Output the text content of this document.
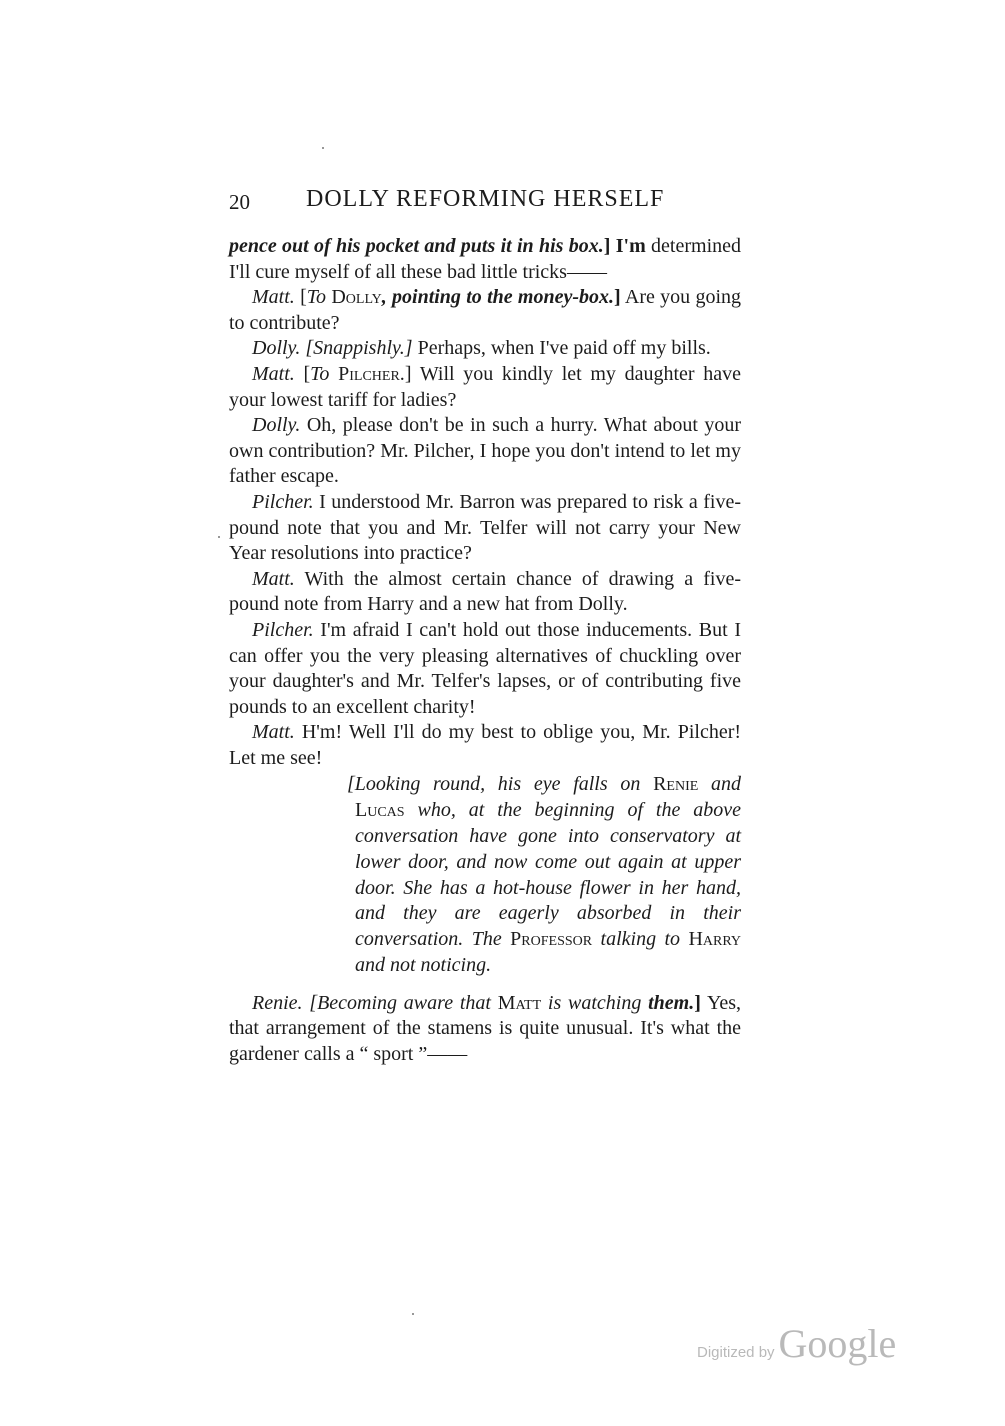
20 DOLLY REFORMING HERSELF

pence out of his pocket and puts it in his box.] I'm determined I'll cure myself of all these bad little tricks——

Matt. [To Dolly, pointing to the money-box.] Are you going to contribute?

Dolly. [Snappishly.] Perhaps, when I've paid off my bills.

Matt. [To Pilcher.] Will you kindly let my daughter have your lowest tariff for ladies?

Dolly. Oh, please don't be in such a hurry. What about your own contribution? Mr. Pilcher, I hope you don't intend to let my father escape.

Pilcher. I understood Mr. Barron was prepared to risk a five-pound note that you and Mr. Telfer will not carry your New Year resolutions into practice?

Matt. With the almost certain chance of drawing a five-pound note from Harry and a new hat from Dolly.

Pilcher. I'm afraid I can't hold out those inducements. But I can offer you the very pleasing alternatives of chuckling over your daughter's and Mr. Telfer's lapses, or of contributing five pounds to an excellent charity!

Matt. H'm! Well I'll do my best to oblige you, Mr. Pilcher! Let me see!

[Looking round, his eye falls on Renie and Lucas who, at the beginning of the above conversation have gone into conservatory at lower door, and now come out again at upper door. She has a hot-house flower in her hand, and they are eagerly absorbed in their conversation. The Professor talking to Harry and not noticing.

Renie. [Becoming aware that Matt is watching them.] Yes, that arrangement of the stamens is quite unusual. It's what the gardener calls a “ sport ”——

Digitized by Google
